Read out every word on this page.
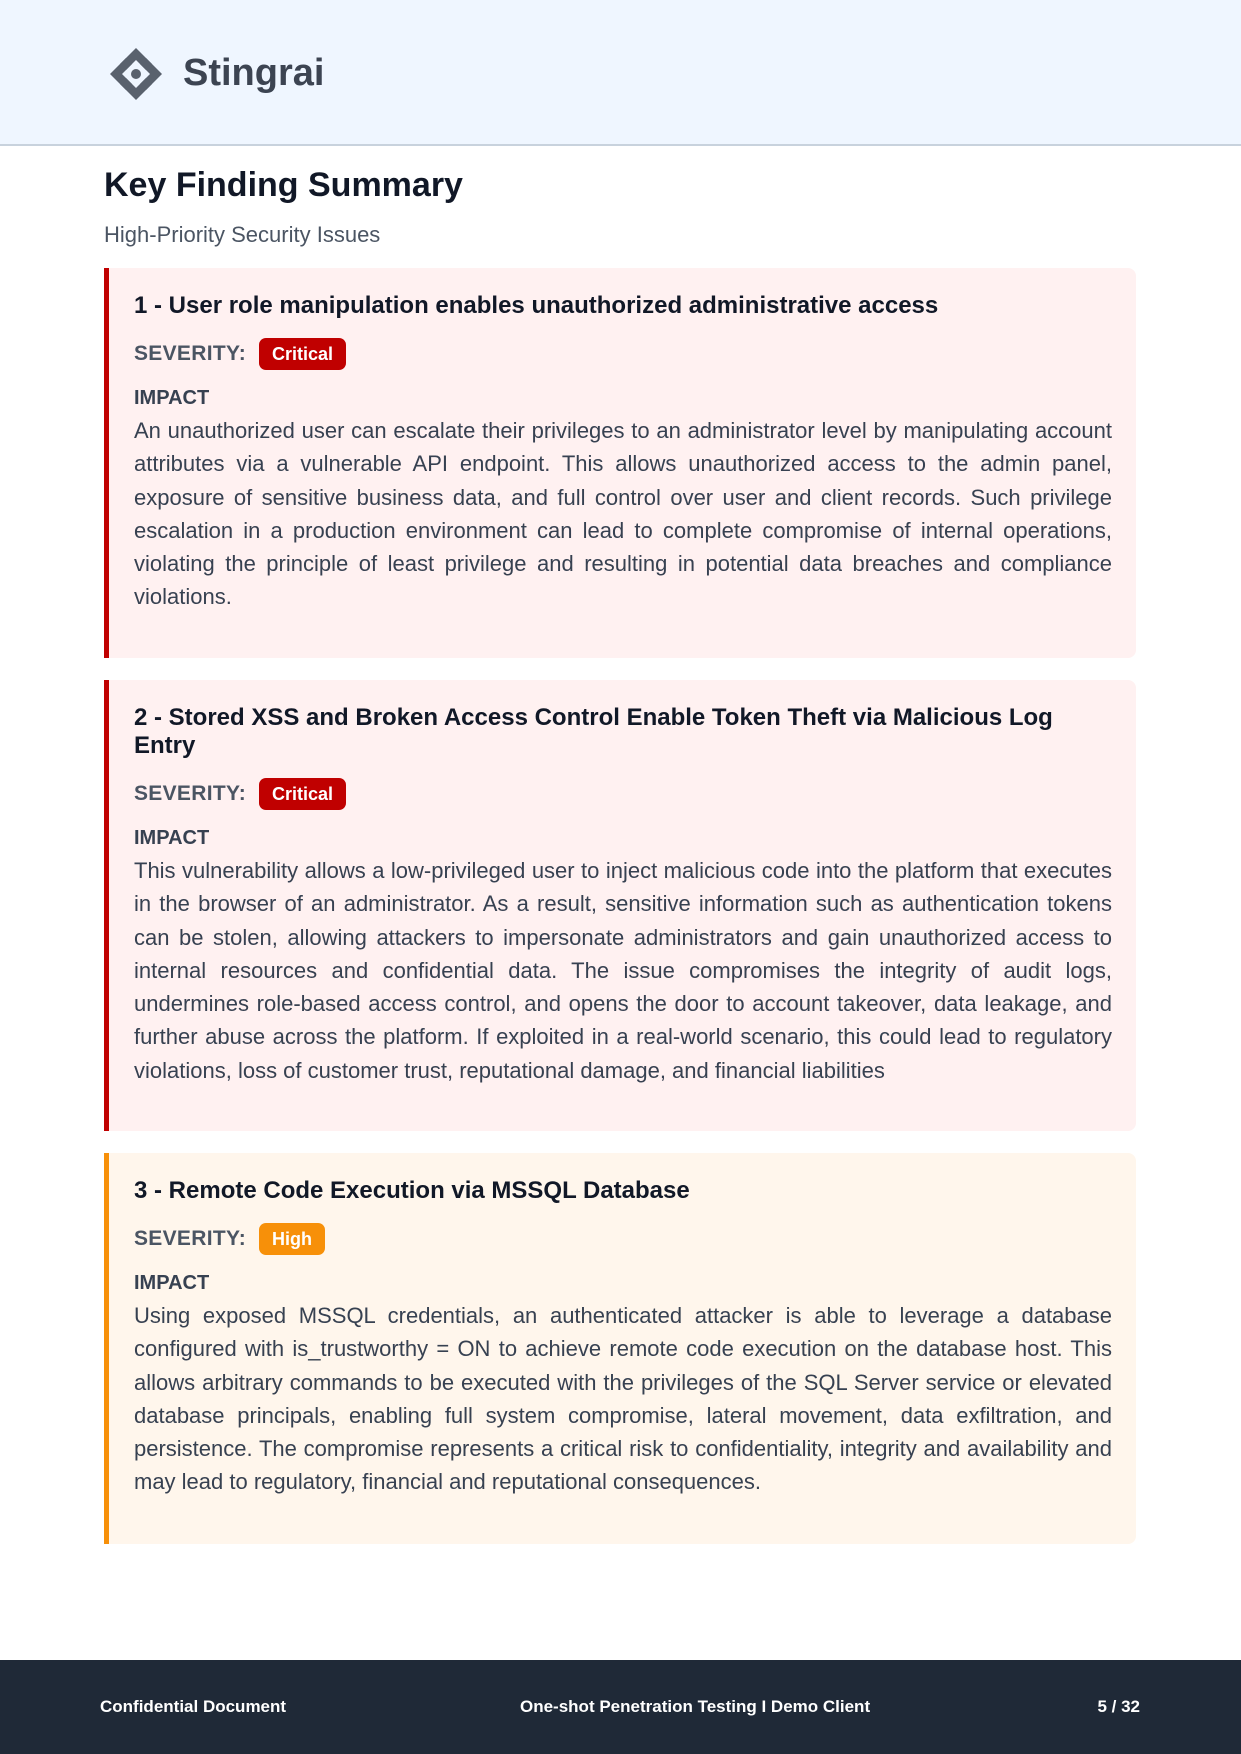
Stingrai
Key Finding Summary
High-Priority Security Issues
1 - User role manipulation enables unauthorized administrative access
SEVERITY:	Critical
IMPACT

An unauthorized user can escalate their privileges to an administrator level by manipulating account attributes via a vulnerable API endpoint. This allows unauthorized access to the admin panel, exposure of sensitive business data, and full control over user and client records. Such privilege escalation in a production environment can lead to complete compromise of internal operations, violating the principle of least privilege and resulting in potential data breaches and compliance violations.

2 - Stored XSS and Broken Access Control Enable Token Theft via Malicious Log Entry
SEVERITY:	Critical
IMPACT

This vulnerability allows a low-privileged user to inject malicious code into the platform that executes in the browser of an administrator. As a result, sensitive information such as authentication tokens can be stolen, allowing attackers to impersonate administrators and gain unauthorized access to internal resources and confidential data. The issue compromises the integrity of audit logs, undermines role-based access control, and opens the door to account takeover, data leakage, and further abuse across the platform. If exploited in a real-world scenario, this could lead to regulatory violations, loss of customer trust, reputational damage, and financial liabilities

3 - Remote Code Execution via MSSQL Database
SEVERITY:	High
IMPACT

Using exposed MSSQL credentials, an authenticated attacker is able to leverage a database configured with is_trustworthy = ON to achieve remote code execution on the database host. This allows arbitrary commands to be executed with the privileges of the SQL Server service or elevated database principals, enabling full system compromise, lateral movement, data exfiltration, and persistence. The compromise represents a critical risk to confidentiality, integrity and availability and may lead to regulatory, financial and reputational consequences.

Confidential Document	One-shot Penetration Testing I Demo Client	5 / 32
